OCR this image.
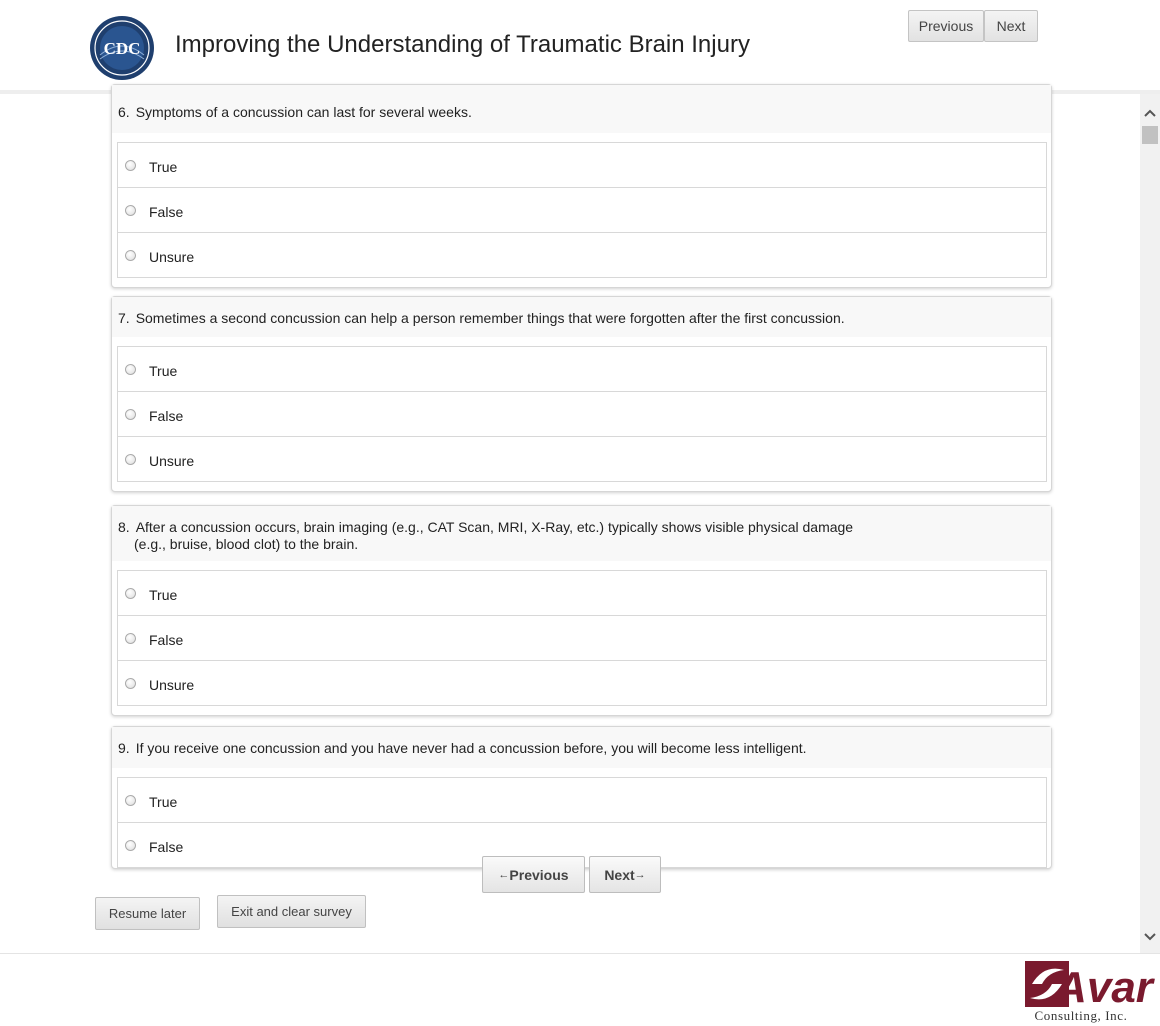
CDC Improving the Understanding of Traumatic Brain Injury
Previous	Next
6. Symptoms of a concussion can last for several weeks.
True
False
Unsure
7. Sometimes a second concussion can help a person remember things that were forgotten after the first concussion.
True
False
Unsure
8. After a concussion occurs, brain imaging (e.g., CAT Scan, MRI, X-Ray, etc.) typically shows visible physical damage
(e.g., bruise, blood clot) to the brain.
True
False
Unsure
9. If you receive one concussion and you have never had a concussion before, you will become less intelligent.
True
False
← Previous	Next →
Resume later	Exit and clear survey
Avar
Consulting, Inc.
